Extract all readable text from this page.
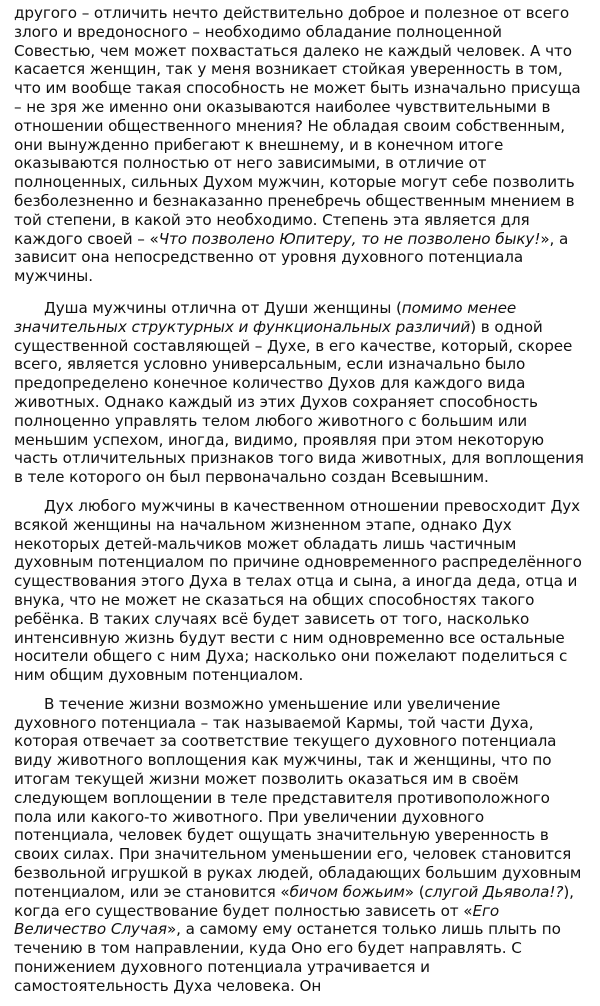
другого – отличить нечто действительно доброе и полезное от всего злого и вредоносного – необходимо обладание полноценной Совестью, чем может похвастаться далеко не каждый человек. А что касается женщин, так у меня возникает стойкая уверенность в том, что им вообще такая способность не может быть изначально присуща – не зря же именно они оказываются наиболее чувствительными в отношении общественного мнения? Не обладая своим собственным, они вынужденно прибегают к внешнему, и в конечном итоге оказываются полностью от него зависимыми, в отличие от полноценных, сильных Духом мужчин, которые могут себе позволить безболезненно и безнаказанно пренебречь общественным мнением в той степени, в какой это необходимо. Степень эта является для каждого своей – «Что позволено Юпитеру, то не позволено быку!», а зависит она непосредственно от уровня духовного потенциала мужчины.

Душа мужчины отлична от Души женщины (помимо менее значительных структурных и функциональных различий) в одной существенной составляющей – Духе, в его качестве, который, скорее всего, является условно универсальным, если изначально было предопределено конечное количество Духов для каждого вида животных. Однако каждый из этих Духов сохраняет способность полноценно управлять телом любого животного с большим или меньшим успехом, иногда, видимо, проявляя при этом некоторую часть отличительных признаков того вида животных, для воплощения в теле которого он был первоначально создан Всевышним.

Дух любого мужчины в качественном отношении превосходит Дух всякой женщины на начальном жизненном этапе, однако Дух некоторых детей-мальчиков может обладать лишь частичным духовным потенциалом по причине одновременного распределённого существования этого Духа в телах отца и сына, а иногда деда, отца и внука, что не может не сказаться на общих способностях такого ребёнка. В таких случаях всё будет зависеть от того, насколько интенсивную жизнь будут вести с ним одновременно все остальные носители общего с ним Духа; насколько они пожелают поделиться с ним общим духовным потенциалом.

В течение жизни возможно уменьшение или увеличение духовного потенциала – так называемой Кармы, той части Духа, которая отвечает за соответствие текущего духовного потенциала виду животного воплощения как мужчины, так и женщины, что по итогам текущей жизни может позволить оказаться им в своём следующем воплощении в теле представителя противоположного пола или какого-то животного. При увеличении духовного потенциала, человек будет ощущать значительную уверенность в своих силах. При значительном уменьшении его, человек становится безвольной игрушкой в руках людей, обладающих большим духовным потенциалом, или эе становится «бичом божьим» (слугой Дьявола!?), когда его существование будет полностью зависеть от «Его Величество Случая», а самому ему останется только лишь плыть по течению в том направлении, куда Оно его будет направлять. С понижением духовного потенциала утрачивается и самостоятельность Духа человека. Он
